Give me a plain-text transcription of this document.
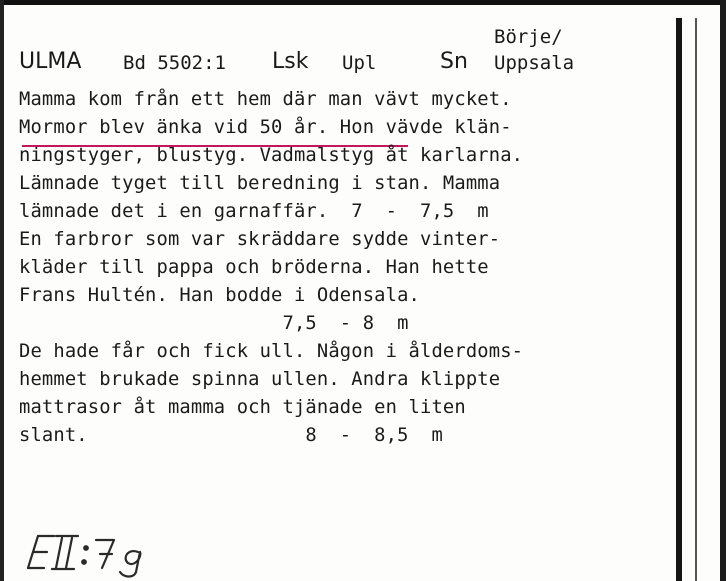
ULMA Bd 5502:1 Lsk Upl
Börje/
Sn Uppsala
Mamma kom från ett hem där man vävt mycket.
Mormor blev änka vid 50 år. Hon vävde klän-
ningstyger, blustyg. Vadmalstyg åt karlarna.
Lämnade tyget till beredning i stan. Mamma
lämnade det i en garnaffär.  7  -  7,5  m
En farbror som var skräddare sydde vinter-
kläder till pappa och bröderna. Han hette
Frans Hultén. Han bodde i Odensala.
7,5  - 8  m
De hade får och fick ull. Någon i ålderdoms-
hemmet brukade spinna ullen. Andra klippte
mattrasor åt mamma och tjänade en liten
slant.                   8  -  8,5  m
